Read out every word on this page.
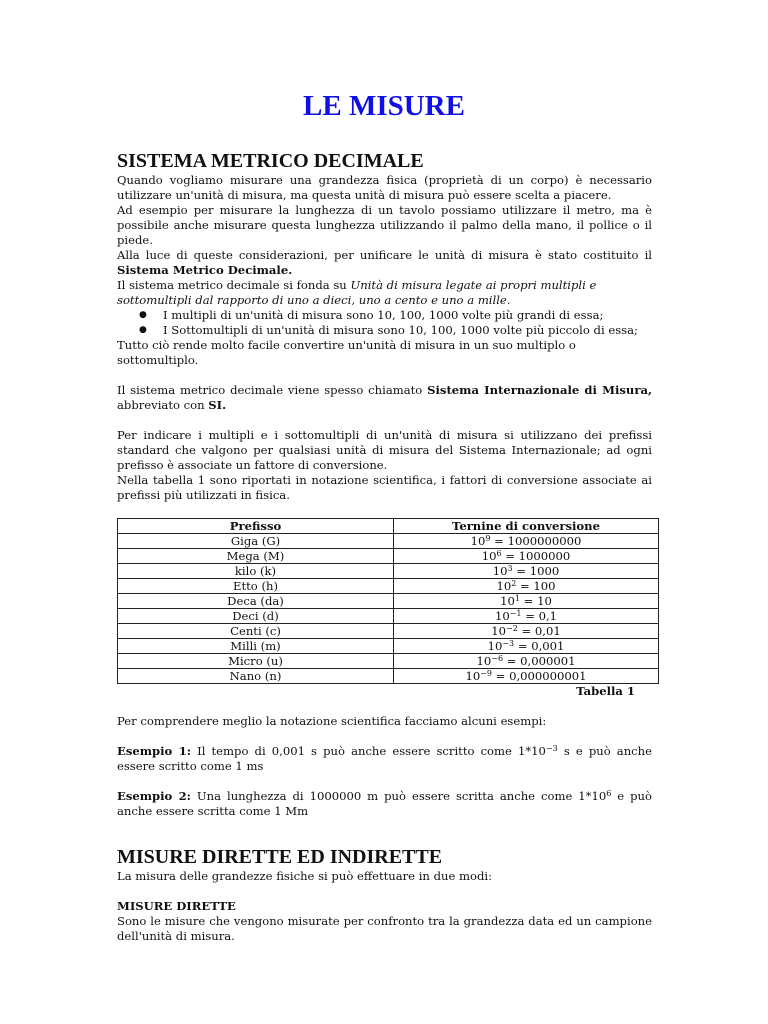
LE MISURE
SISTEMA METRICO DECIMALE

Quando vogliamo misurare una grandezza fisica (proprietà di un corpo) è necessario utilizzare un'unità di misura, ma questa unità di misura può essere scelta a piacere.

Ad esempio per misurare la lunghezza di un tavolo possiamo utilizzare il metro, ma è possibile anche misurare questa lunghezza utilizzando il palmo della mano, il pollice o il piede.

Alla luce di queste considerazioni, per unificare le unità di misura è stato costituito il Sistema Metrico Decimale.

Il sistema metrico decimale si fonda su Unità di misura legate ai propri multipli e sottomultipli dal rapporto di uno a dieci, uno a cento e uno a mille.

● I multipli di un'unità di misura sono 10, 100, 1000 volte più grandi di essa;
● I Sottomultipli di un'unità di misura sono 10, 100, 1000 volte più piccolo di essa;

Tutto ciò rende molto facile convertire un'unità di misura in un suo multiplo o sottomultiplo.

Il sistema metrico decimale viene spesso chiamato Sistema Internazionale di Misura, abbreviato con SI.

Per indicare i multipli e i sottomultipli di un'unità di misura si utilizzano dei prefissi standard che valgono per qualsiasi unità di misura del Sistema Internazionale; ad ogni prefisso è associate un fattore di conversione.

Nella tabella 1 sono riportati in notazione scientifica, i fattori di conversione associate ai prefissi più utilizzati in fisica.

Prefisso	Ternine di conversione
Giga (G)	$10^9 = 1000000000$
Mega (M)	$10^6 = 1000000$
kilo (k)	$10^3 = 1000$
Etto (h)	$10^2 = 100$
Deca (da)	$10^1 = 10$
Deci (d)	$10^{-1} = 0,1$
Centi (c)	$10^{-2} = 0,01$
Milli (m)	$10^{-3} = 0,001$
Micro (u)	$10^{-6} = 0,000001$
Nano (n)	$10^{-9} = 0,000000001$

Tabella 1

Per comprendere meglio la notazione scientifica facciamo alcuni esempi:

Esempio 1: Il tempo di 0,001 s può anche essere scritto come $1*10^{-3}$ s e può anche essere scritto come 1 ms

Esempio 2: Una lunghezza di 1000000 m può essere scritta anche come $1*10^6$ e può anche essere scritta come 1 Mm

MISURE DIRETTE ED INDIRETTE

La misura delle grandezze fisiche si può effettuare in due modi:

MISURE DIRETTE

Sono le misure che vengono misurate per confronto tra la grandezza data ed un campione dell'unità di misura.
